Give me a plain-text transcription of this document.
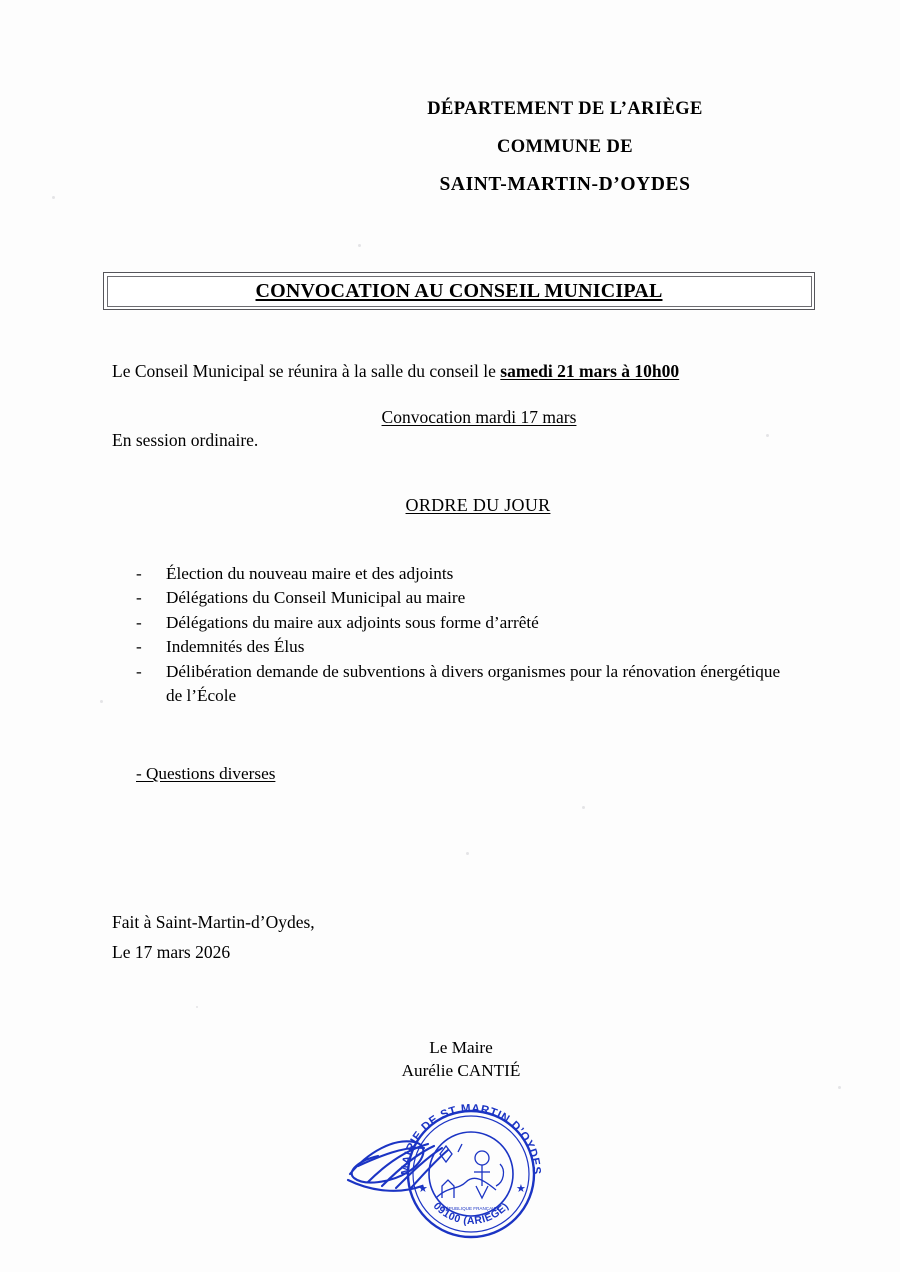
DÉPARTEMENT DE L’ARIÈGE
COMMUNE DE
SAINT-MARTIN-D’OYDES
CONVOCATION AU CONSEIL MUNICIPAL
Le Conseil Municipal se réunira à la salle du conseil le samedi 21 mars à 10h00
Convocation mardi 17 mars
En session ordinaire.
ORDRE DU JOUR
-	Élection du nouveau maire et des adjoints
-	Délégations du Conseil Municipal au maire
-	Délégations du maire aux adjoints sous forme d’arrêté
-	Indemnités des Élus
-	Délibération demande de subventions à divers organismes pour la rénovation énergétique de l’École
- Questions diverses
Fait à Saint-Martin-d’Oydes,
Le 17 mars 2026
Le Maire
Aurélie CANTIÉ
MAIRIE DE ST MARTIN D’OYDES
09100 (ARIEGE)
★	★
RÉPUBLIQUE FRANÇAISE
